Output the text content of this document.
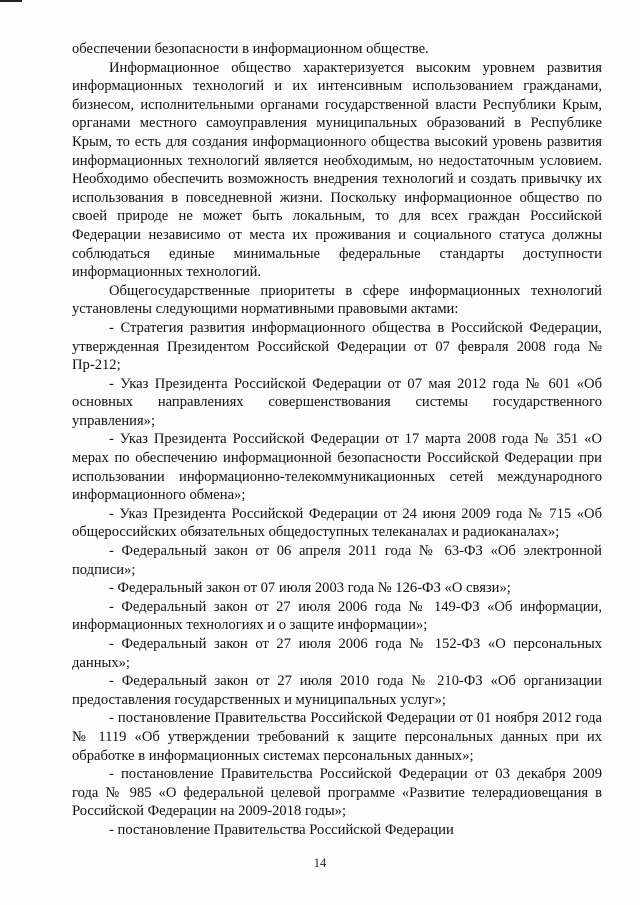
обеспечении безопасности в информационном обществе.

Информационное общество характеризуется высоким уровнем развития информационных технологий и их интенсивным использованием гражданами, бизнесом, исполнительными органами государственной власти Республики Крым, органами местного самоуправления муниципальных образований в Республике Крым, то есть для создания информационного общества высокий уровень развития информационных технологий является необходимым, но недостаточным условием. Необходимо обеспечить возможность внедрения технологий и создать привычку их использования в повседневной жизни. Поскольку информационное общество по своей природе не может быть локальным, то для всех граждан Российской Федерации независимо от места их проживания и социального статуса должны соблюдаться единые минимальные федеральные стандарты доступности информационных технологий.

Общегосударственные приоритеты в сфере информационных технологий установлены следующими нормативными правовыми актами:

- Стратегия развития информационного общества в Российской Федерации, утвержденная Президентом Российской Федерации от 07 февраля 2008 года № Пр-212;

- Указ Президента Российской Федерации от 07 мая 2012 года № 601 «Об основных направлениях совершенствования системы государственного управления»;

- Указ Президента Российской Федерации от 17 марта 2008 года № 351 «О мерах по обеспечению информационной безопасности Российской Федерации при использовании информационно-телекоммуникационных сетей международного информационного обмена»;

- Указ Президента Российской Федерации от 24 июня 2009 года № 715 «Об общероссийских обязательных общедоступных телеканалах и радиоканалах»;

- Федеральный закон от 06 апреля 2011 года № 63-ФЗ «Об электронной подписи»;

- Федеральный закон от 07 июля 2003 года № 126-ФЗ «О связи»;

- Федеральный закон от 27 июля 2006 года № 149-ФЗ «Об информации, информационных технологиях и о защите информации»;

- Федеральный закон от 27 июля 2006 года № 152-ФЗ «О персональных данных»;

- Федеральный закон от 27 июля 2010 года № 210-ФЗ «Об организации предоставления государственных и муниципальных услуг»;

- постановление Правительства Российской Федерации от 01 ноября 2012 года № 1119 «Об утверждении требований к защите персональных данных при их обработке в информационных системах персональных данных»;

- постановление Правительства Российской Федерации от 03 декабря 2009 года № 985 «О федеральной целевой программе «Развитие телерадиовещания в Российской Федерации на 2009-2018 годы»;

- постановление Правительства Российской Федерации

14
